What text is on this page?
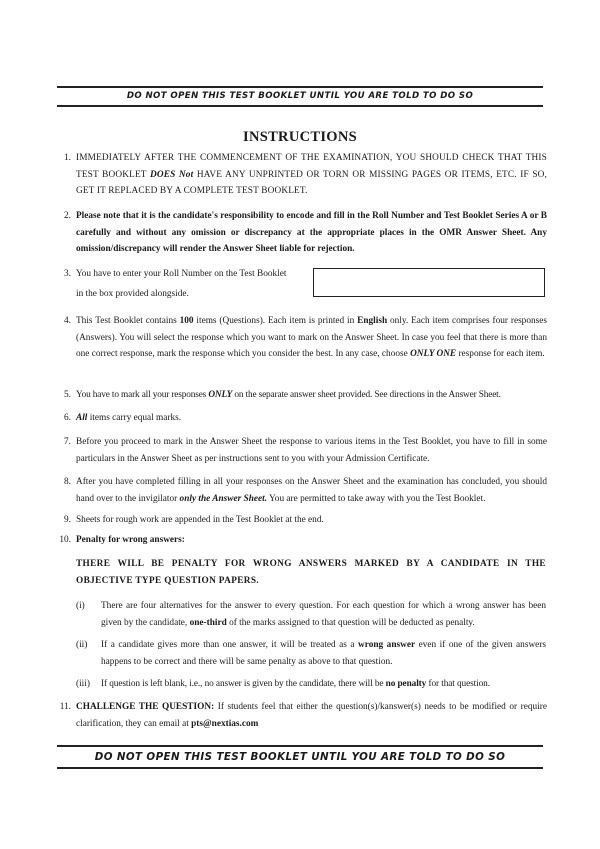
DO NOT OPEN THIS TEST BOOKLET UNTIL YOU ARE TOLD TO DO SO
INSTRUCTIONS
1. IMMEDIATELY AFTER THE COMMENCEMENT OF THE EXAMINATION, YOU SHOULD CHECK THAT THIS TEST BOOKLET DOES Not HAVE ANY UNPRINTED OR TORN OR MISSING PAGES OR ITEMS, ETC. IF SO, GET IT REPLACED BY A COMPLETE TEST BOOKLET.
2. Please note that it is the candidate's responsibility to encode and fill in the Roll Number and Test Booklet Series A or B carefully and without any omission or discrepancy at the appropriate places in the OMR Answer Sheet. Any omission/discrepancy will render the Answer Sheet liable for rejection.
3. You have to enter your Roll Number on the Test Booklet
in the box provided alongside.
4. This Test Booklet contains 100 items (Questions). Each item is printed in English only. Each item comprises four responses (Answers). You will select the response which you want to mark on the Answer Sheet. In case you feel that there is more than one correct response, mark the response which you consider the best. In any case, choose ONLY ONE response for each item.
5. You have to mark all your responses ONLY on the separate answer sheet provided. See directions in the Answer Sheet.
6. All items carry equal marks.
7. Before you proceed to mark in the Answer Sheet the response to various items in the Test Booklet, you have to fill in some particulars in the Answer Sheet as per instructions sent to you with your Admission Certificate.
8. After you have completed filling in all your responses on the Answer Sheet and the examination has concluded, you should hand over to the invigilator only the Answer Sheet. You are permitted to take away with you the Test Booklet.
9. Sheets for rough work are appended in the Test Booklet at the end.
10. Penalty for wrong answers:
THERE WILL BE PENALTY FOR WRONG ANSWERS MARKED BY A CANDIDATE IN THE OBJECTIVE TYPE QUESTION PAPERS.
(i)	There are four alternatives for the answer to every question. For each question for which a wrong answer has been given by the candidate, one-third of the marks assigned to that question will be deducted as penalty.
(ii)	If a candidate gives more than one answer, it will be treated as a wrong answer even if one of the given answers happens to be correct and there will be same penalty as above to that question.
(iii)	If question is left blank, i.e., no answer is given by the candidate, there will be no penalty for that question.
11. CHALLENGE THE QUESTION: If students feel that either the question(s)/kanswer(s) needs to be modified or require clarification, they can email at pts@nextias.com
DO NOT OPEN THIS TEST BOOKLET UNTIL YOU ARE TOLD TO DO SO
